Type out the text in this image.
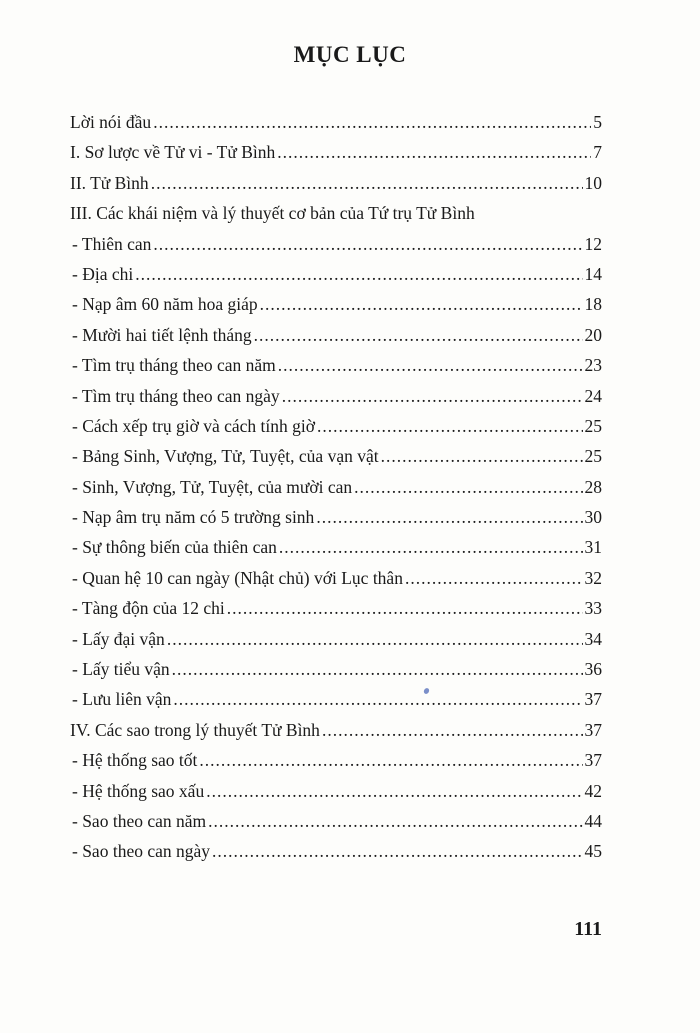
MỤC LỤC
Lời nói đầu .....	5
I. Sơ lược về Tử vi - Tử Bình .....	7
II. Tử Bình .....	10
III. Các khái niệm và lý thuyết cơ bản của Tứ trụ Tử Bình
- Thiên can .....	12
- Địa chi .....	14
- Nạp âm 60 năm hoa giáp .....	18
- Mười hai tiết lệnh tháng .....	20
- Tìm trụ tháng theo can năm .....	23
- Tìm trụ tháng theo can ngày .....	24
- Cách xếp trụ giờ và cách tính giờ .....	25
- Bảng Sinh, Vượng, Tử, Tuyệt, của vạn vật .....	25
- Sinh, Vượng, Tử, Tuyệt, của mười can .....	28
- Nạp âm trụ năm có 5 trường sinh .....	30
- Sự thông biến của thiên can .....	31
- Quan hệ 10 can ngày (Nhật chủ) với Lục thân .....	32
- Tàng độn của 12 chi .....	33
- Lấy đại vận .....	34
- Lấy tiểu vận .....	36
- Lưu liên vận .....	37
IV. Các sao trong lý thuyết Tử Bình .....	37
- Hệ thống sao tốt .....	37
- Hệ thống sao xấu .....	42
- Sao theo can năm .....	44
- Sao theo can ngày .....	45
111
